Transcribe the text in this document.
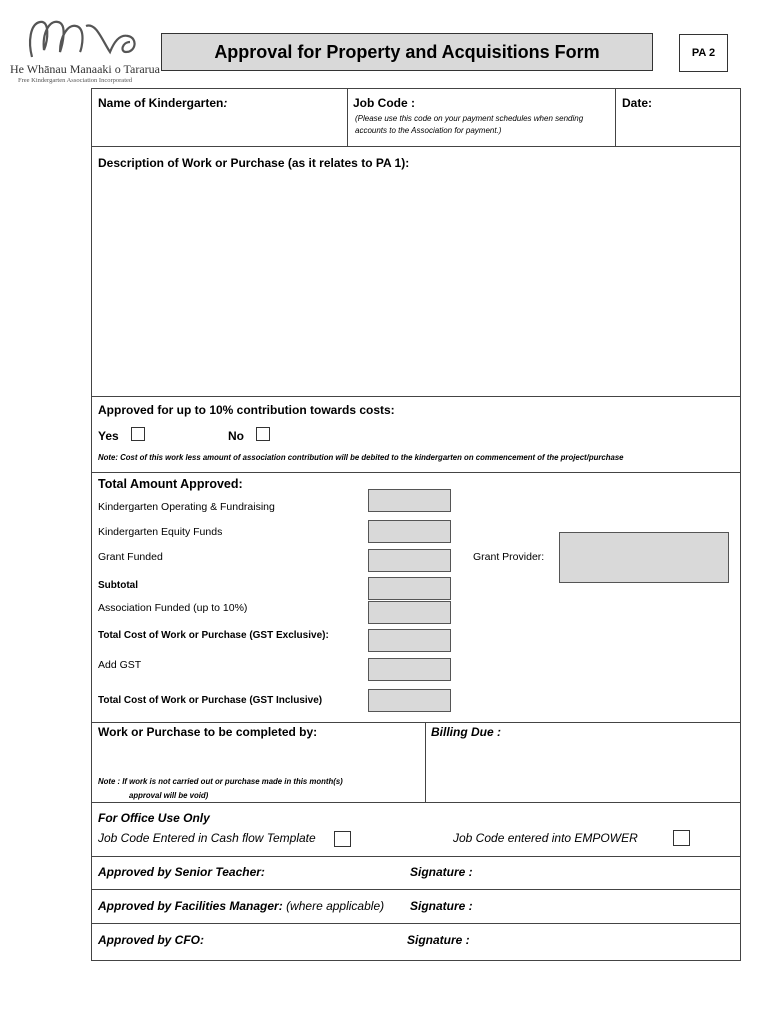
He Whānau Manaaki o Tararua
Free Kindergarten Association Incorporated
Approval for Property and Acquisitions Form	PA 2
Name of Kindergarten:	Job Code :
(Please use this code on your payment schedules when sending accounts to the Association for payment.)
Date:
Description of Work or Purchase (as it relates to PA 1):
Approved for up to 10% contribution towards costs:
Yes	No
Note: Cost of this work less amount of association contribution will be debited to the kindergarten on commencement of the project/purchase
Total Amount Approved:
Kindergarten Operating & Fundraising
Kindergarten Equity Funds
Grant Funded	Grant Provider:
Subtotal
Association Funded (up to 10%)
Total Cost of Work or Purchase (GST Exclusive):
Add GST
Total Cost of Work or Purchase (GST Inclusive)
Work or Purchase to be completed by:	Billing Due :
Note : If work is not carried out or purchase made in this month(s)
approval will be void)
For Office Use Only
Job Code Entered in Cash flow Template	Job Code entered into EMPOWER
Approved by Senior Teacher:	Signature :
Approved by Facilities Manager: (where applicable) Signature :
Approved by CFO:	Signature :
